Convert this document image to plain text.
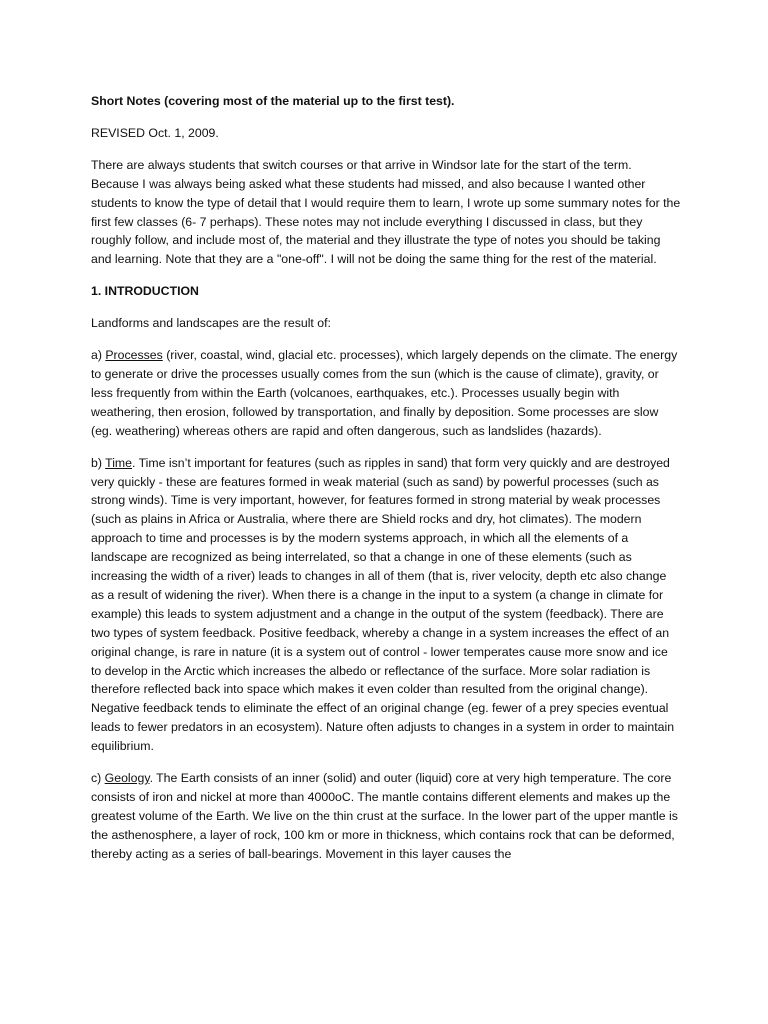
Short Notes (covering most of the material up to the first test).

REVISED Oct. 1, 2009.

There are always students that switch courses or that arrive in Windsor late for the start of the term. Because I was always being asked what these students had missed, and also because I wanted other students to know the type of detail that I would require them to learn, I wrote up some summary notes for the first few classes (6- 7 perhaps). These notes may not include everything I discussed in class, but they roughly follow, and include most of, the material and they illustrate the type of notes you should be taking and learning. Note that they are a "one-off". I will not be doing the same thing for the rest of the material.

1. INTRODUCTION

Landforms and landscapes are the result of:

a) Processes (river, coastal, wind, glacial etc. processes), which largely depends on the climate. The energy to generate or drive the processes usually comes from the sun (which is the cause of climate), gravity, or less frequently from within the Earth (volcanoes, earthquakes, etc.). Processes usually begin with weathering, then erosion, followed by transportation, and finally by deposition. Some processes are slow (eg. weathering) whereas others are rapid and often dangerous, such as landslides (hazards).

b) Time. Time isn’t important for features (such as ripples in sand) that form very quickly and are destroyed very quickly - these are features formed in weak material (such as sand) by powerful processes (such as strong winds). Time is very important, however, for features formed in strong material by weak processes (such as plains in Africa or Australia, where there are Shield rocks and dry, hot climates). The modern approach to time and processes is by the modern systems approach, in which all the elements of a landscape are recognized as being interrelated, so that a change in one of these elements (such as increasing the width of a river) leads to changes in all of them (that is, river velocity, depth etc also change as a result of widening the river). When there is a change in the input to a system (a change in climate for example) this leads to system adjustment and a change in the output of the system (feedback). There are two types of system feedback. Positive feedback, whereby a change in a system increases the effect of an original change, is rare in nature (it is a system out of control - lower temperates cause more snow and ice to develop in the Arctic which increases the albedo or reflectance of the surface. More solar radiation is therefore reflected back into space which makes it even colder than resulted from the original change). Negative feedback tends to eliminate the effect of an original change (eg. fewer of a prey species eventual leads to fewer predators in an ecosystem). Nature often adjusts to changes in a system in order to maintain equilibrium.

c) Geology. The Earth consists of an inner (solid) and outer (liquid) core at very high temperature. The core consists of iron and nickel at more than 4000oC. The mantle contains different elements and makes up the greatest volume of the Earth. We live on the thin crust at the surface. In the lower part of the upper mantle is the asthenosphere, a layer of rock, 100 km or more in thickness, which contains rock that can be deformed, thereby acting as a series of ball-bearings. Movement in this layer causes the
